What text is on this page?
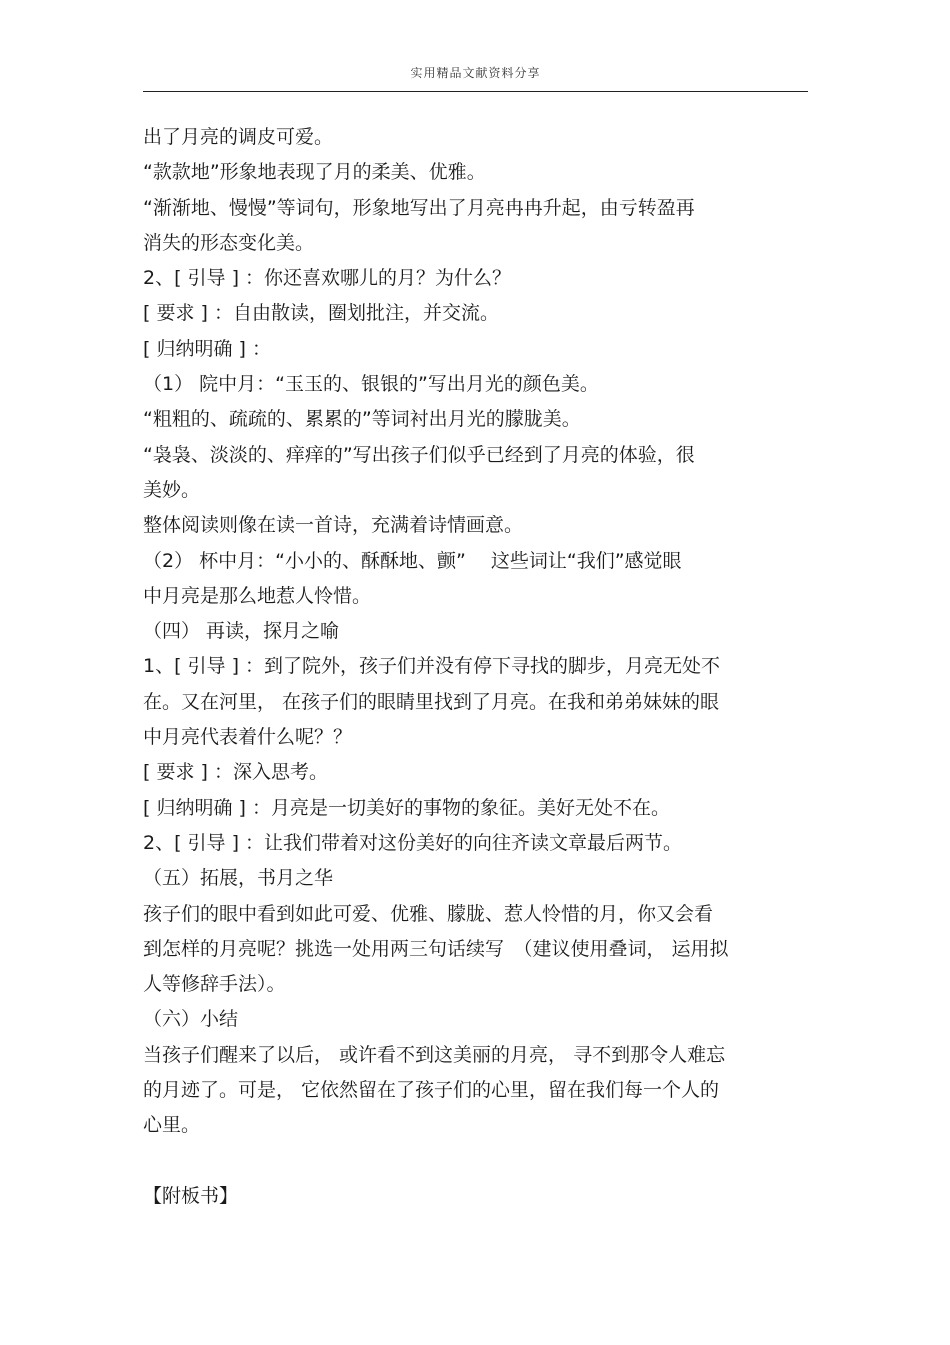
实用精品文献资料分享
出了月亮的调皮可爱。
“款款地”形象地表现了月的柔美、优雅。
“渐渐地、慢慢”等词句，形象地写出了月亮冉冉升起，由亏转盈再
消失的形态变化美。
2、[ 引导 ] ：你还喜欢哪儿的月？为什么？
[ 要求 ] ：自由散读，圈划批注，并交流。
[ 归纳明确 ] ：
（1） 院中月：“玉玉的、银银的”写出月光的颜色美。
“粗粗的、疏疏的、累累的”等词衬出月光的朦胧美。
“袅袅、淡淡的、痒痒的”写出孩子们似乎已经到了月亮的体验，很
美妙。
整体阅读则像在读一首诗，充满着诗情画意。
（2） 杯中月：“小小的、酥酥地、颤”　 这些词让“我们”感觉眼
中月亮是那么地惹人怜惜。
（四） 再读，探月之喻
1、[ 引导 ] ：到了院外，孩子们并没有停下寻找的脚步，月亮无处不
在。又在河里， 在孩子们的眼睛里找到了月亮。在我和弟弟妹妹的眼
中月亮代表着什么呢？？
[ 要求 ] ：深入思考。
[ 归纳明确 ] ：月亮是一切美好的事物的象征。美好无处不在。
2、[ 引导 ] ：让我们带着对这份美好的向往齐读文章最后两节。
（五）拓展，书月之华
孩子们的眼中看到如此可爱、优雅、朦胧、惹人怜惜的月，你又会看
到怎样的月亮呢？挑选一处用两三句话续写　（建议使用叠词， 运用拟
人等修辞手法）。
（六）小结
当孩子们醒来了以后， 或许看不到这美丽的月亮， 寻不到那令人难忘
的月迹了。可是， 它依然留在了孩子们的心里，留在我们每一个人的
心里。
【附板书】
